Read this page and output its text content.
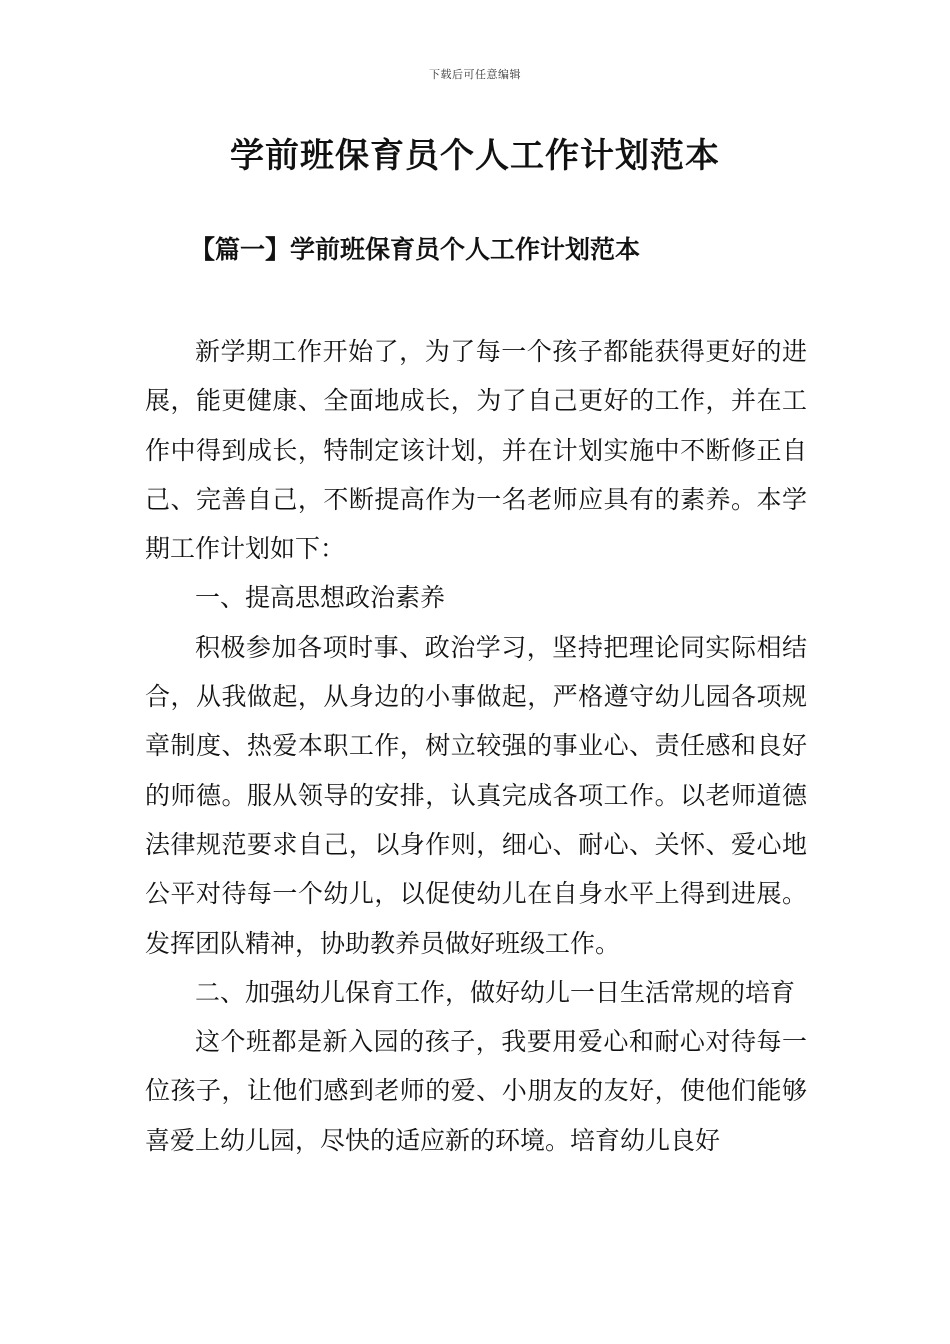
下载后可任意编辑
学前班保育员个人工作计划范本
【篇一】学前班保育员个人工作计划范本

新学期工作开始了，为了每一个孩子都能获得更好的进展，能更健康、全面地成长，为了自己更好的工作，并在工作中得到成长，特制定该计划，并在计划实施中不断修正自己、完善自己，不断提高作为一名老师应具有的素养。本学期工作计划如下：

一、提高思想政治素养

积极参加各项时事、政治学习，坚持把理论同实际相结合，从我做起，从身边的小事做起，严格遵守幼儿园各项规章制度、热爱本职工作，树立较强的事业心、责任感和良好的师德。服从领导的安排，认真完成各项工作。以老师道德法律规范要求自己，以身作则，细心、耐心、关怀、爱心地公平对待每一个幼儿，以促使幼儿在自身水平上得到进展。发挥团队精神，协助教养员做好班级工作。

二、加强幼儿保育工作，做好幼儿一日生活常规的培育

这个班都是新入园的孩子，我要用爱心和耐心对待每一位孩子，让他们感到老师的爱、小朋友的友好，使他们能够喜爱上幼儿园，尽快的适应新的环境。培育幼儿良好
